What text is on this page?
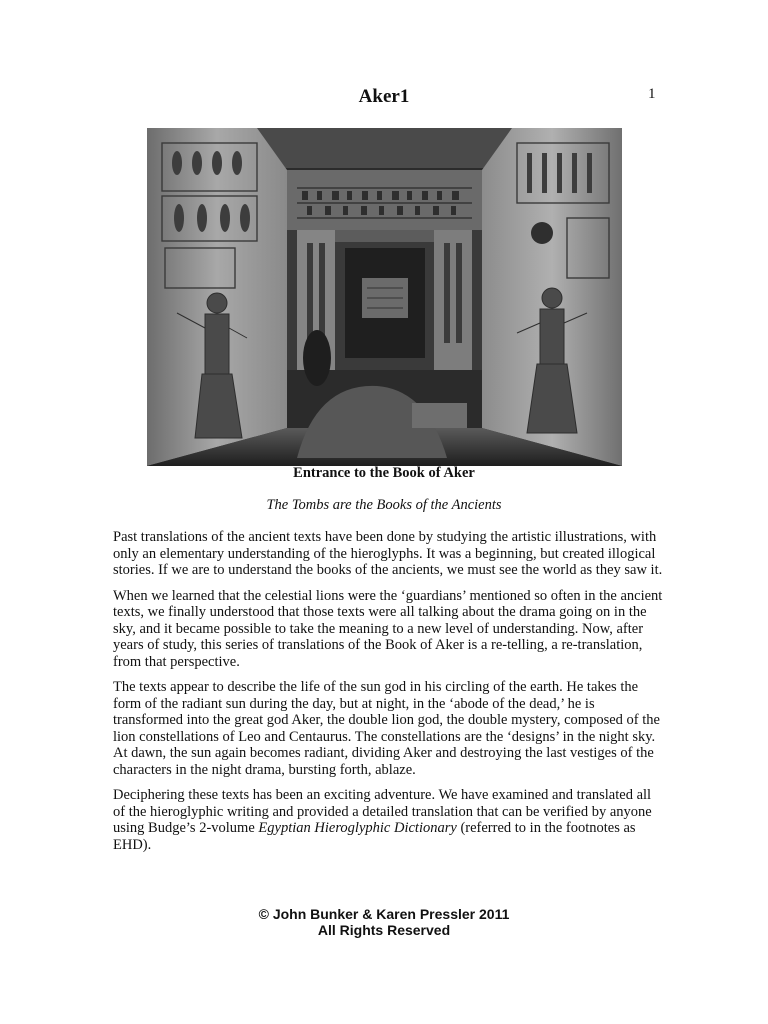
1
Aker1
Entrance to the Book of Aker
The Tombs are the Books of the Ancients

Past translations of the ancient texts have been done by studying the artistic illustrations, with only an elementary understanding of the hieroglyphs. It was a beginning, but created illogical stories. If we are to understand the books of the ancients, we must see the world as they saw it.

When we learned that the celestial lions were the ‘guardians’ mentioned so often in the ancient texts, we finally understood that those texts were all talking about the drama going on in the sky, and it became possible to take the meaning to a new level of understanding. Now, after years of study, this series of translations of the Book of Aker is a re-telling, a re-translation, from that perspective.

The texts appear to describe the life of the sun god in his circling of the earth. He takes the form of the radiant sun during the day, but at night, in the ‘abode of the dead,’ he is transformed into the great god Aker, the double lion god, the double mystery, composed of the lion constellations of Leo and Centaurus. The constellations are the ‘designs’ in the night sky. At dawn, the sun again becomes radiant, dividing Aker and destroying the last vestiges of the characters in the night drama, bursting forth, ablaze.

Deciphering these texts has been an exciting adventure. We have examined and translated all of the hieroglyphic writing and provided a detailed translation that can be verified by anyone using Budge’s 2-volume Egyptian Hieroglyphic Dictionary (referred to in the footnotes as EHD).

© John Bunker & Karen Pressler 2011
All Rights Reserved
